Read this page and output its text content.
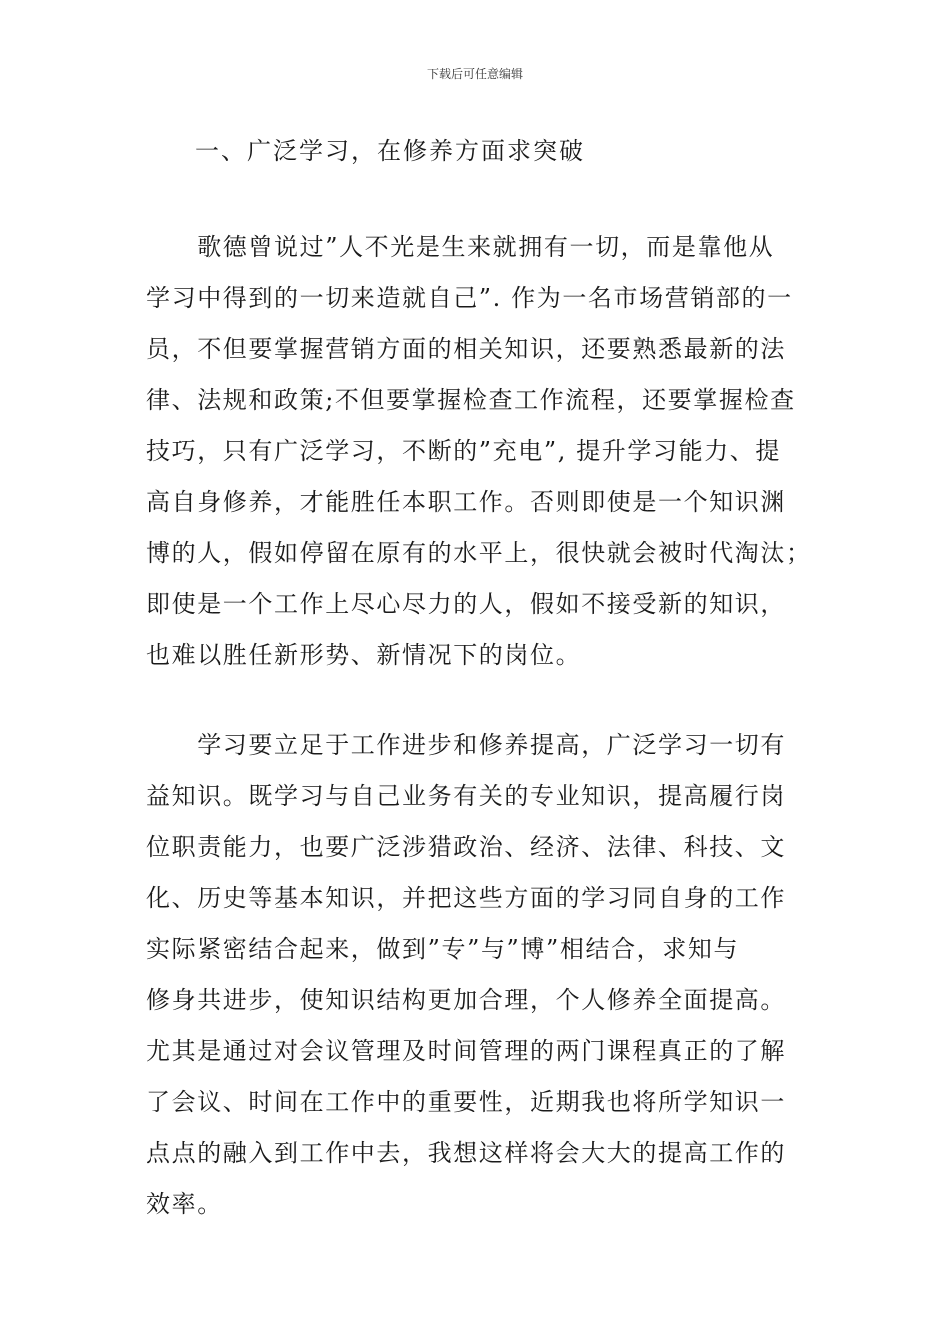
下载后可任意编辑
一、广泛学习，在修养方面求突破

　　歌德曾说过”人不光是生来就拥有一切，而是靠他从
学习中得到的一切来造就自己”. 作为一名市场营销部的一
员，不但要掌握营销方面的相关知识，还要熟悉最新的法
律、法规和政策;不但要掌握检查工作流程，还要掌握检查
技巧，只有广泛学习，不断的”充电”, 提升学习能力、提
高自身修养，才能胜任本职工作。否则即使是一个知识渊
博的人，假如停留在原有的水平上，很快就会被时代淘汰；
即使是一个工作上尽心尽力的人，假如不接受新的知识，
也难以胜任新形势、新情况下的岗位。

　　学习要立足于工作进步和修养提高，广泛学习一切有
益知识。既学习与自己业务有关的专业知识，提高履行岗
位职责能力，也要广泛涉猎政治、经济、法律、科技、文
化、历史等基本知识，并把这些方面的学习同自身的工作
实际紧密结合起来，做到”专”与”博”相结合，求知与
修身共进步，使知识结构更加合理，个人修养全面提高。
尤其是通过对会议管理及时间管理的两门课程真正的了解
了会议、时间在工作中的重要性，近期我也将所学知识一
点点的融入到工作中去，我想这样将会大大的提高工作的
效率。
